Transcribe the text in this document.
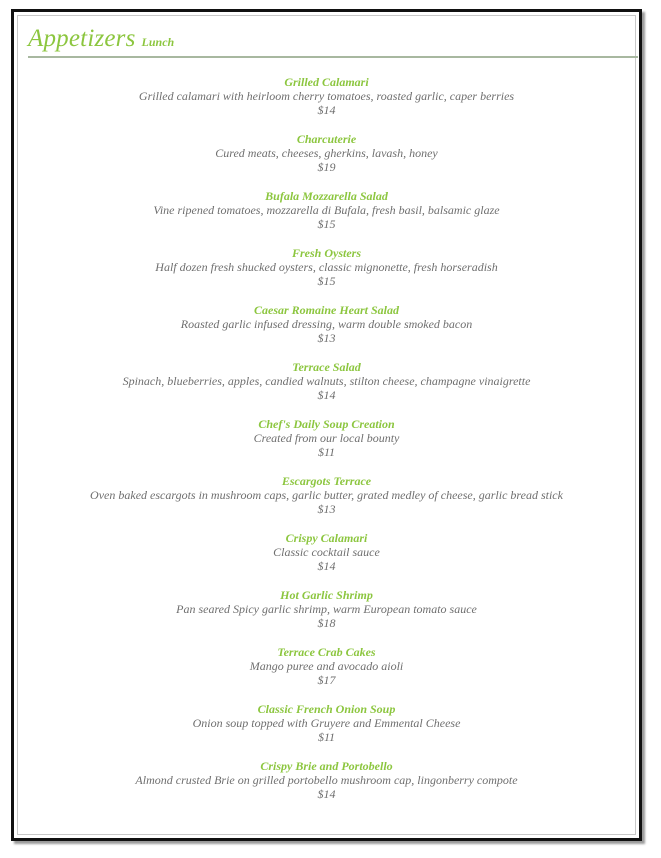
Appetizers Lunch
Grilled Calamari
Grilled calamari with heirloom cherry tomatoes, roasted garlic, caper berries
$14
Charcuterie
Cured meats, cheeses, gherkins, lavash, honey
$19
Bufala Mozzarella Salad
Vine ripened tomatoes, mozzarella di Bufala, fresh basil, balsamic glaze
$15
Fresh Oysters
Half dozen fresh shucked oysters, classic mignonette, fresh horseradish
$15
Caesar Romaine Heart Salad
Roasted garlic infused dressing, warm double smoked bacon
$13
Terrace Salad
Spinach, blueberries, apples, candied walnuts, stilton cheese, champagne vinaigrette
$14
Chef's Daily Soup Creation
Created from our local bounty
$11
Escargots Terrace
Oven baked escargots in mushroom caps, garlic butter, grated medley of cheese, garlic bread stick
$13
Crispy Calamari
Classic cocktail sauce
$14
Hot Garlic Shrimp
Pan seared Spicy garlic shrimp, warm European tomato sauce
$18
Terrace Crab Cakes
Mango puree and avocado aioli
$17
Classic French Onion Soup
Onion soup topped with Gruyere and Emmental Cheese
$11
Crispy Brie and Portobello
Almond crusted Brie on grilled portobello mushroom cap, lingonberry compote
$14
